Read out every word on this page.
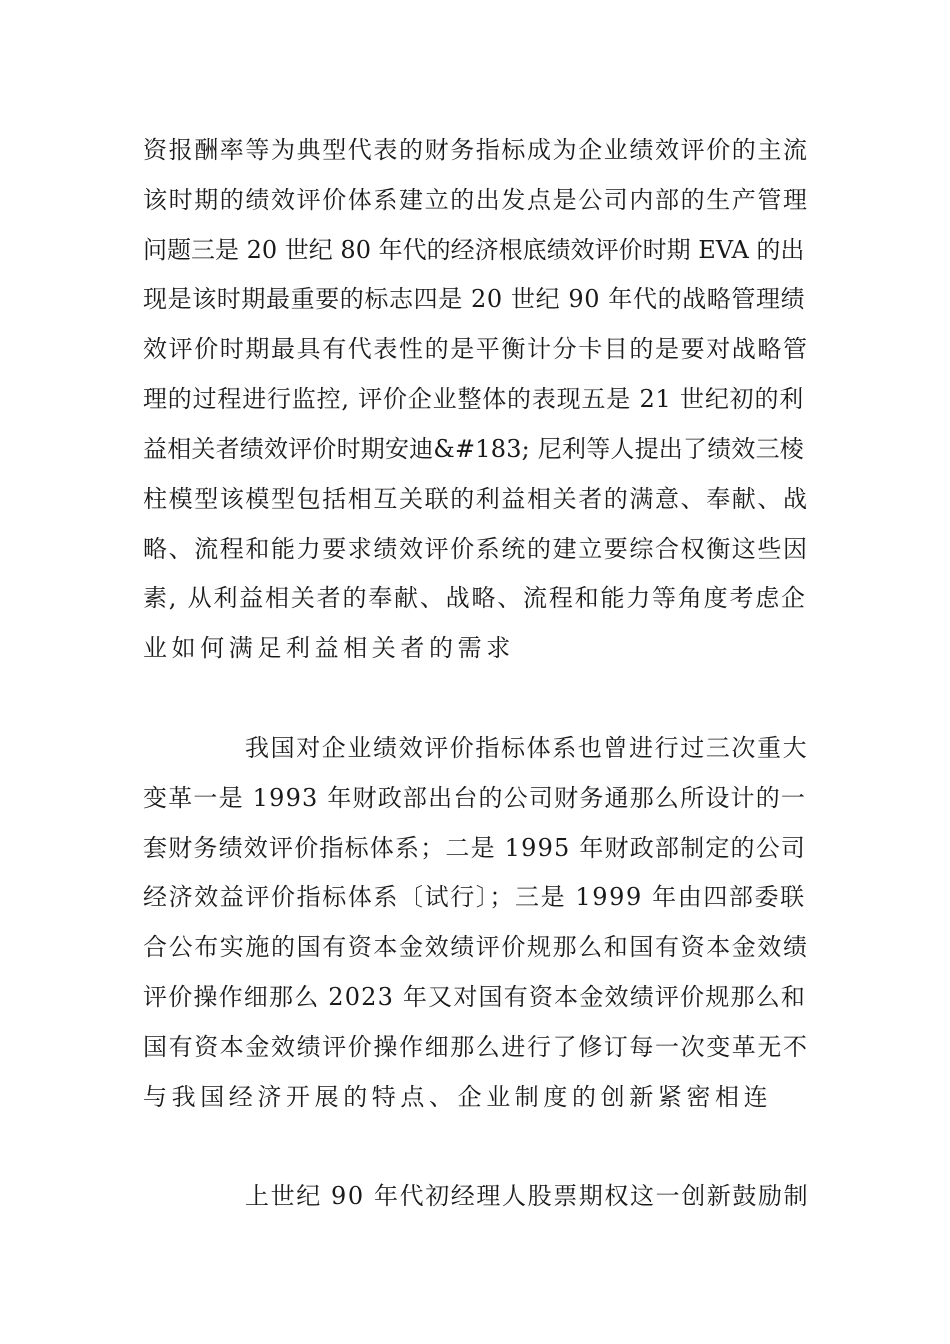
资报酬率等为典型代表的财务指标成为企业绩效评价的主流
该时期的绩效评价体系建立的出发点是公司内部的生产管理
问题三是 20 世纪 80 年代的经济根底绩效评价时期 EVA 的出
现是该时期最重要的标志四是 20 世纪 90 年代的战略管理绩
效评价时期最具有代表性的是平衡计分卡目的是要对战略管
理的过程进行监控, 评价企业整体的表现五是 21 世纪初的利
益相关者绩效评价时期安迪&#183; 尼利等人提出了绩效三棱
柱模型该模型包括相互关联的利益相关者的满意、奉献、战
略、流程和能力要求绩效评价系统的建立要综合权衡这些因
素, 从利益相关者的奉献、战略、流程和能力等角度考虑企
业如何满足利益相关者的需求
我国对企业绩效评价指标体系也曾进行过三次重大
变革一是 1993 年财政部出台的公司财务通那么所设计的一
套财务绩效评价指标体系；二是 1995 年财政部制定的公司
经济效益评价指标体系〔试行〕；三是 1999 年由四部委联
合公布实施的国有资本金效绩评价规那么和国有资本金效绩
评价操作细那么 2023 年又对国有资本金效绩评价规那么和
国有资本金效绩评价操作细那么进行了修订每一次变革无不
与我国经济开展的特点、企业制度的创新紧密相连
上世纪 90 年代初经理人股票期权这一创新鼓励制
